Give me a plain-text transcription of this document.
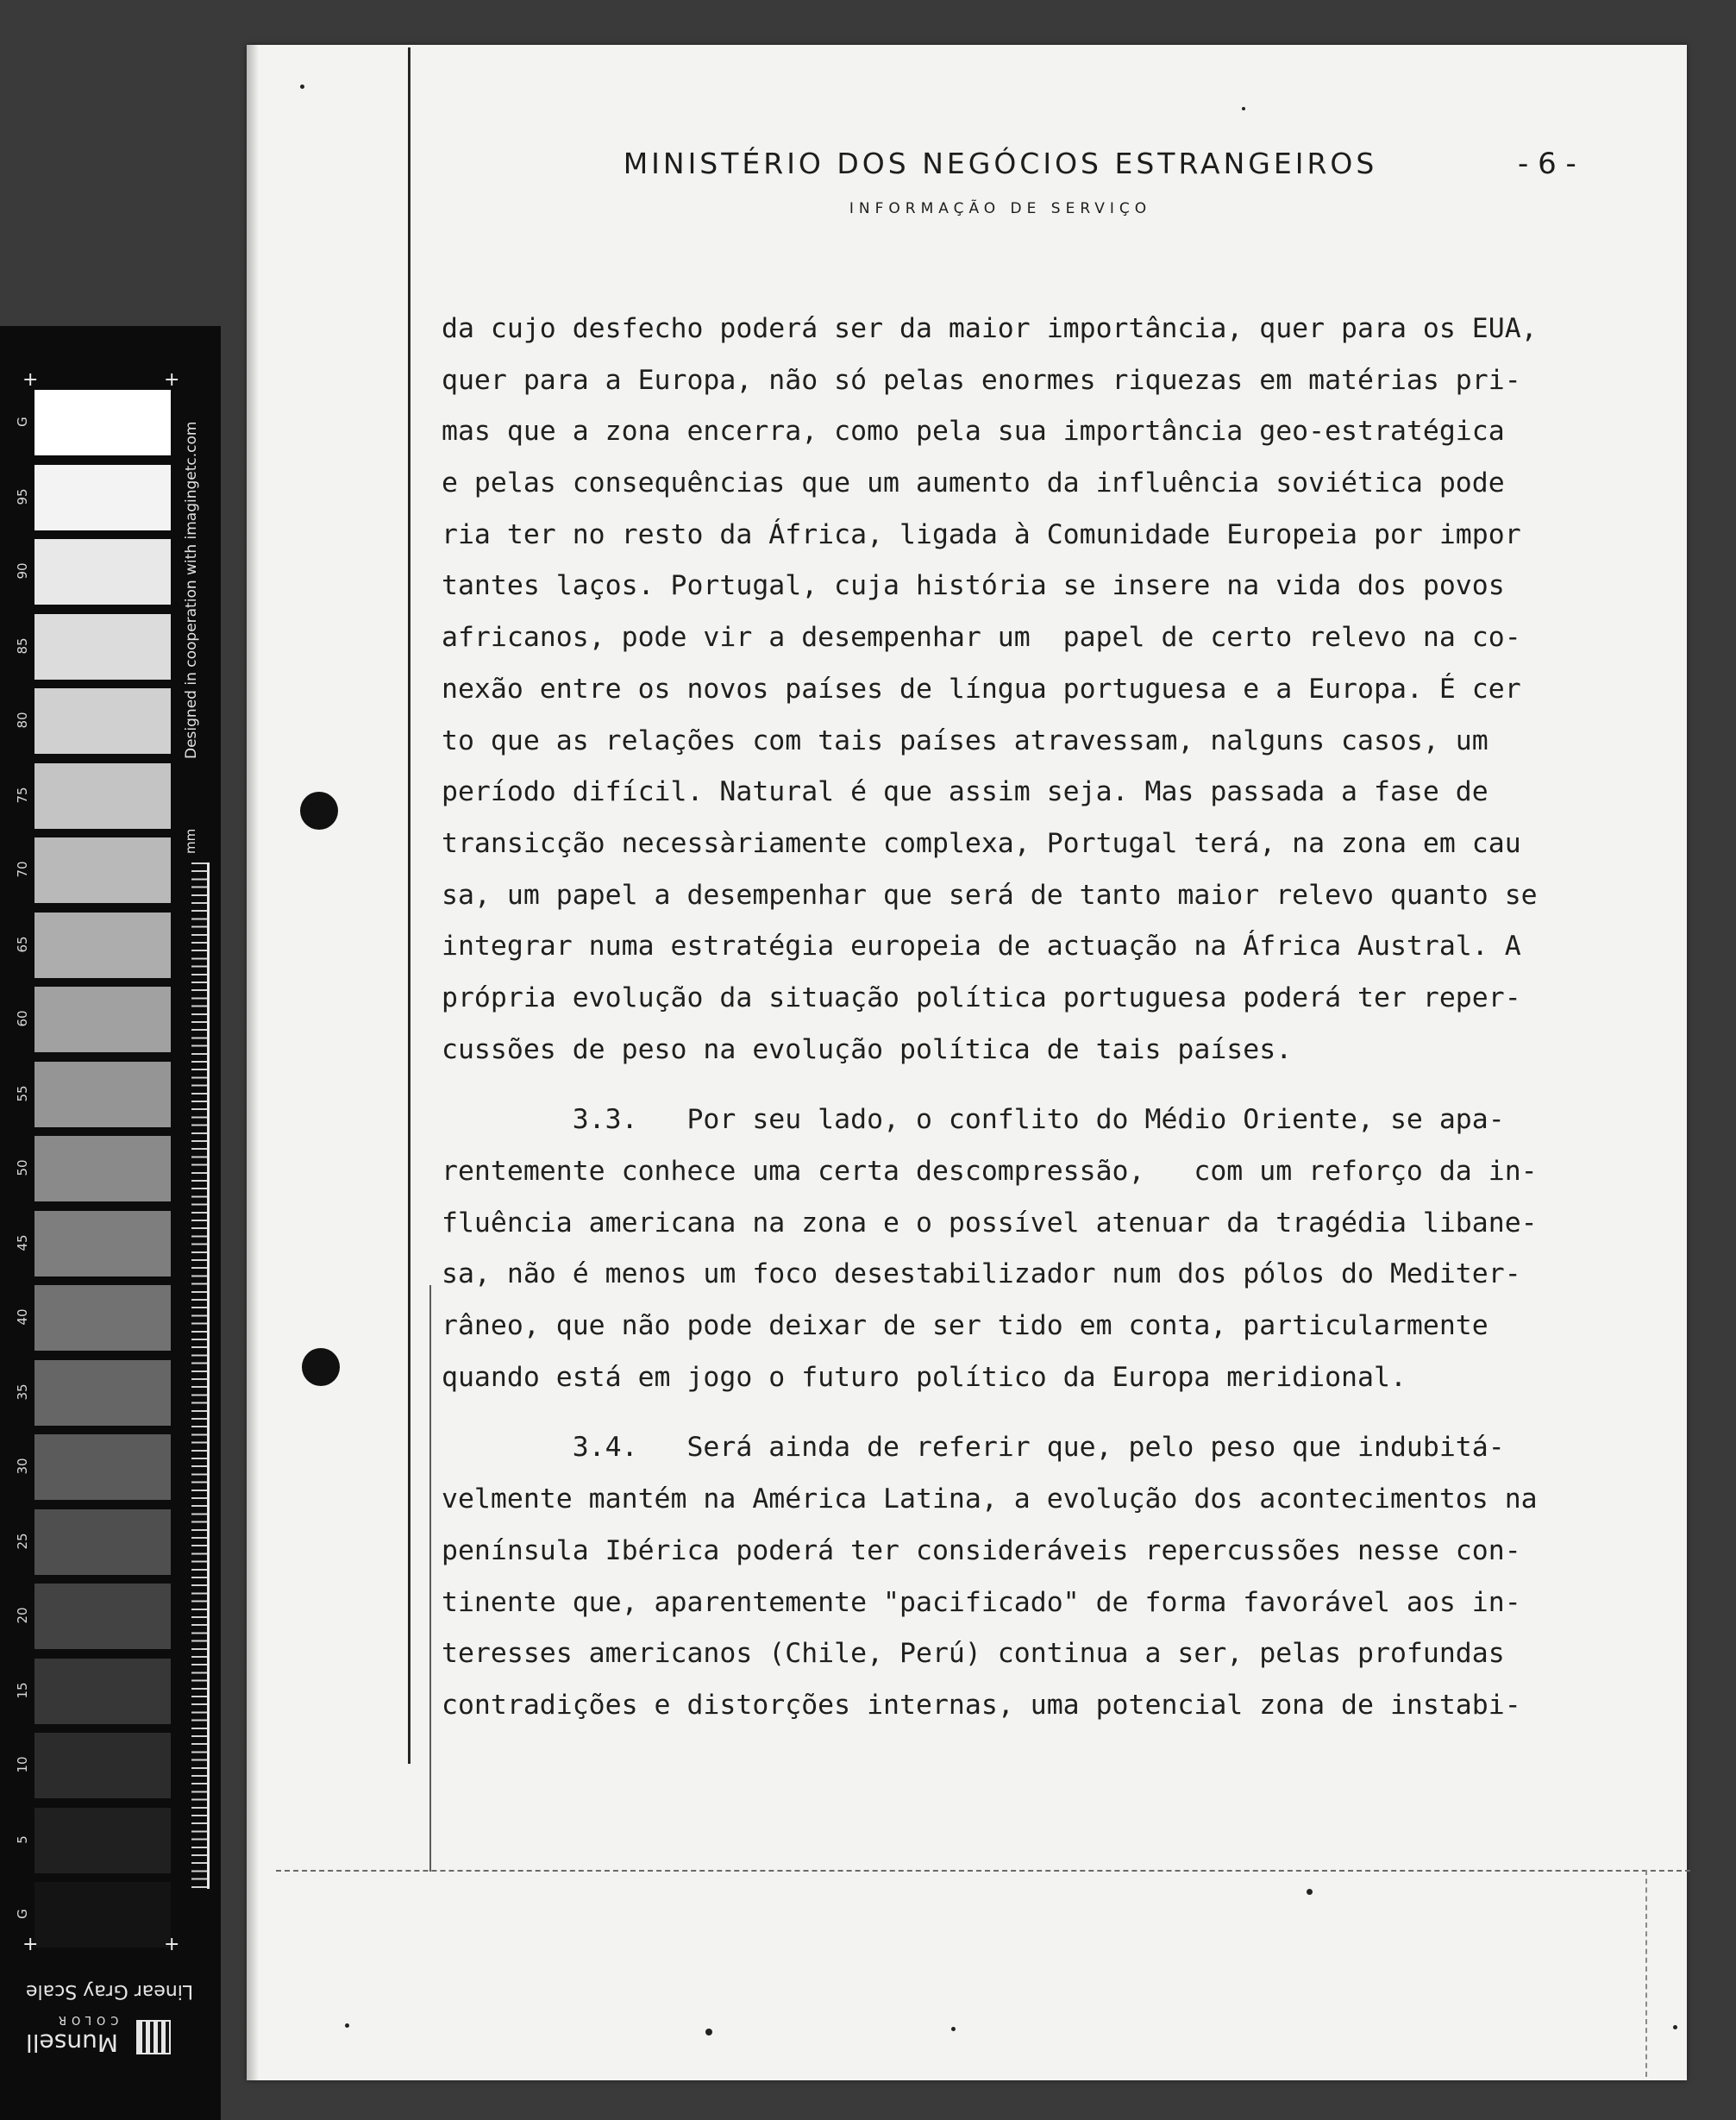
G
95
90
85
80
75
70
65
60
55
50
45
40
35
30
25
20
15
10
5
G
Designed in cooperation with imagingetc.com
mm
+	+
+	+
Linear Gray Scale
COLOR
Munsell
MINISTÉRIO DOS NEGÓCIOS ESTRANGEIROS
INFORMAÇÃO DE SERVIÇO
- 6 -
da cujo desfecho poderá ser da maior importância, quer para os EUA,
quer para a Europa, não só pelas enormes riquezas em matérias pri-
mas que a zona encerra, como pela sua importância geo-estratégica
e pelas consequências que um aumento da influência soviética pode
ria ter no resto da África, ligada à Comunidade Europeia por impor
tantes laços. Portugal, cuja história se insere na vida dos povos
africanos, pode vir a desempenhar um  papel de certo relevo na co-
nexão entre os novos países de língua portuguesa e a Europa. É cer
to que as relações com tais países atravessam, nalguns casos, um
período difícil. Natural é que assim seja. Mas passada a fase de
transicção necessàriamente complexa, Portugal terá, na zona em cau
sa, um papel a desempenhar que será de tanto maior relevo quanto se
integrar numa estratégia europeia de actuação na África Austral. A
própria evolução da situação política portuguesa poderá ter reper-
cussões de peso na evolução política de tais países.
3.3.   Por seu lado, o conflito do Médio Oriente, se apa-
rentemente conhece uma certa descompressão,   com um reforço da in-
fluência americana na zona e o possível atenuar da tragédia libane-
sa, não é menos um foco desestabilizador num dos pólos do Mediter-
râneo, que não pode deixar de ser tido em conta, particularmente
quando está em jogo o futuro político da Europa meridional.
3.4.   Será ainda de referir que, pelo peso que indubitá-
velmente mantém na América Latina, a evolução dos acontecimentos na
península Ibérica poderá ter consideráveis repercussões nesse con-
tinente que, aparentemente "pacificado" de forma favorável aos in-
teresses americanos (Chile, Perú) continua a ser, pelas profundas
contradições e distorções internas, uma potencial zona de instabi-
